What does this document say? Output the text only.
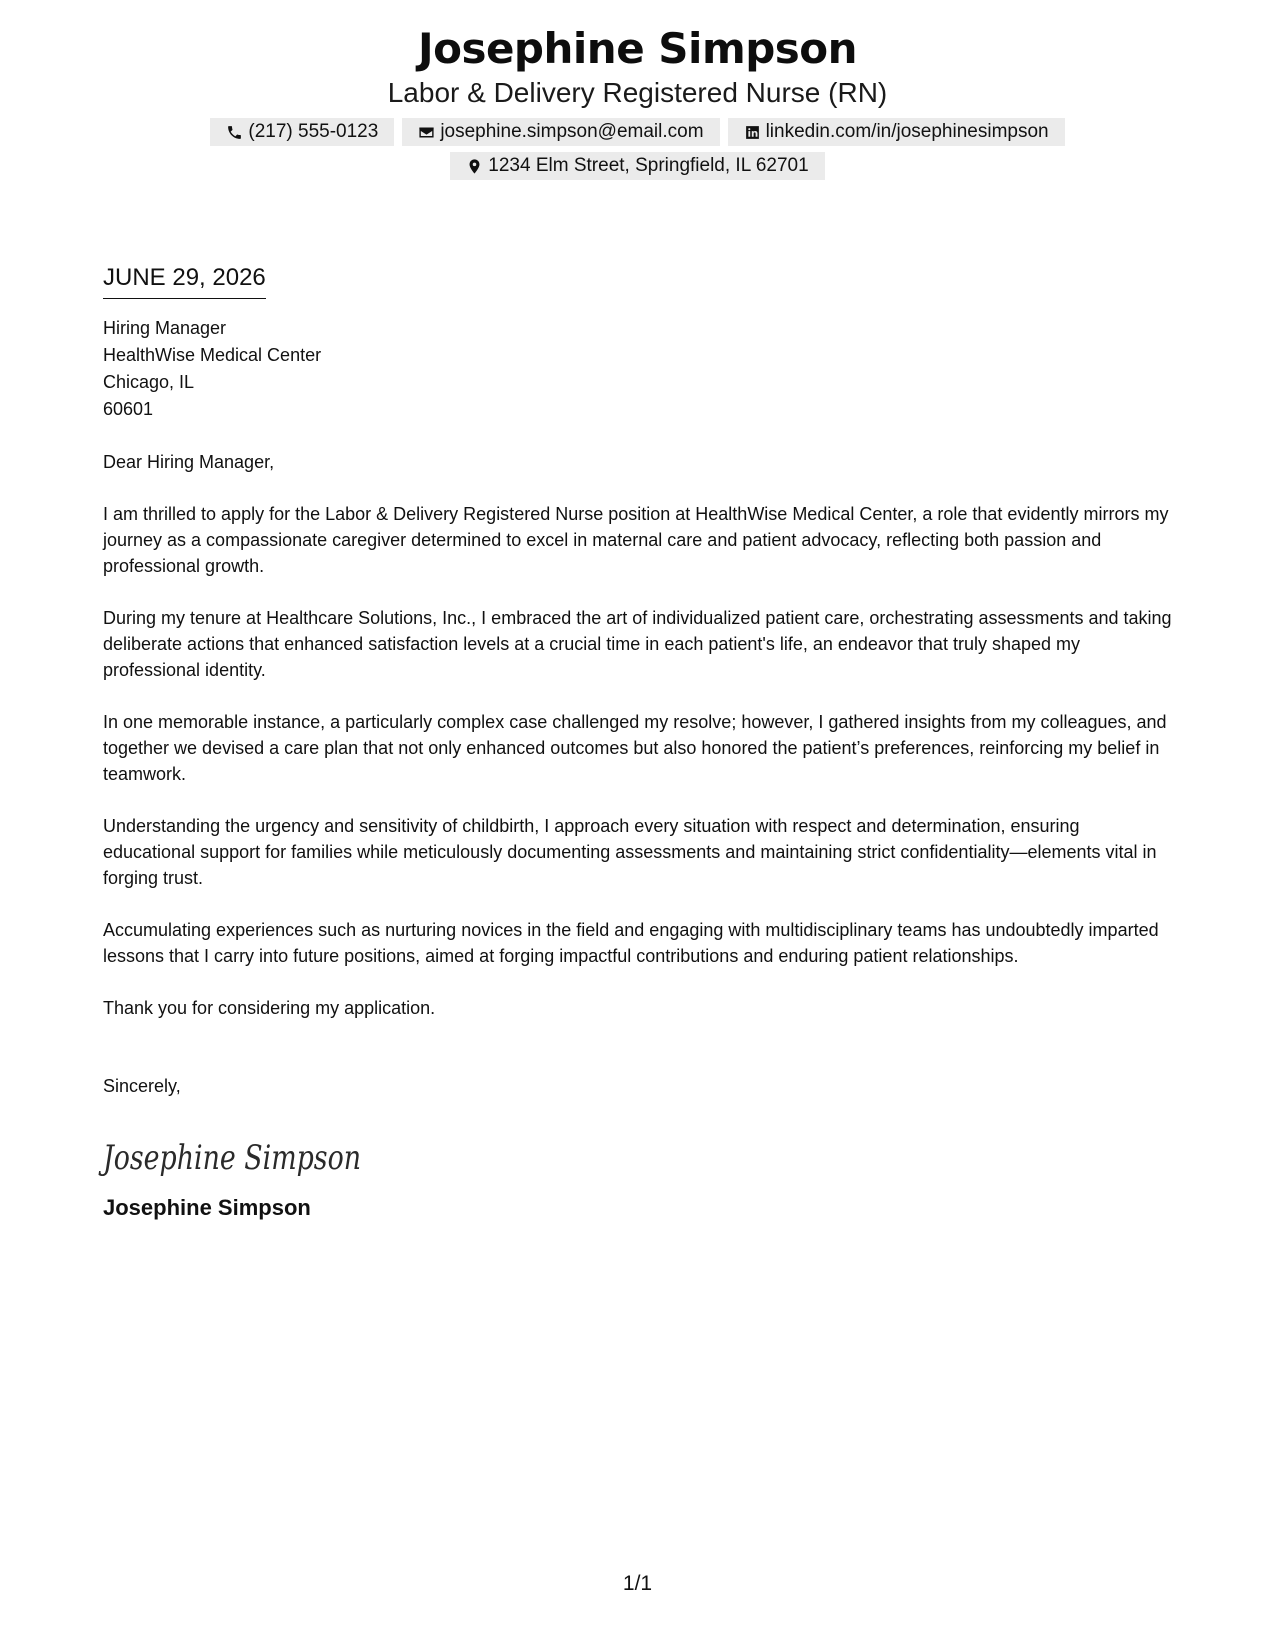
Josephine Simpson
Labor & Delivery Registered Nurse (RN)
(217) 555-0123	josephine.simpson@email.com	linkedin.com/in/josephinesimpson
1234 Elm Street, Springfield, IL 62701
JUNE 29, 2026
Hiring Manager
HealthWise Medical Center
Chicago, IL
60601
Dear Hiring Manager,

I am thrilled to apply for the Labor & Delivery Registered Nurse position at HealthWise Medical Center, a role that evidently mirrors my journey as a compassionate caregiver determined to excel in maternal care and patient advocacy, reflecting both passion and professional growth.

During my tenure at Healthcare Solutions, Inc., I embraced the art of individualized patient care, orchestrating assessments and taking deliberate actions that enhanced satisfaction levels at a crucial time in each patient's life, an endeavor that truly shaped my professional identity.

In one memorable instance, a particularly complex case challenged my resolve; however, I gathered insights from my colleagues, and together we devised a care plan that not only enhanced outcomes but also honored the patient’s preferences, reinforcing my belief in teamwork.

Understanding the urgency and sensitivity of childbirth, I approach every situation with respect and determination, ensuring educational support for families while meticulously documenting assessments and maintaining strict confidentiality—elements vital in forging trust.

Accumulating experiences such as nurturing novices in the field and engaging with multidisciplinary teams has undoubtedly imparted lessons that I carry into future positions, aimed at forging impactful contributions and enduring patient relationships.

Thank you for considering my application.

Sincerely,
Josephine Simpson
Josephine Simpson
1/1
